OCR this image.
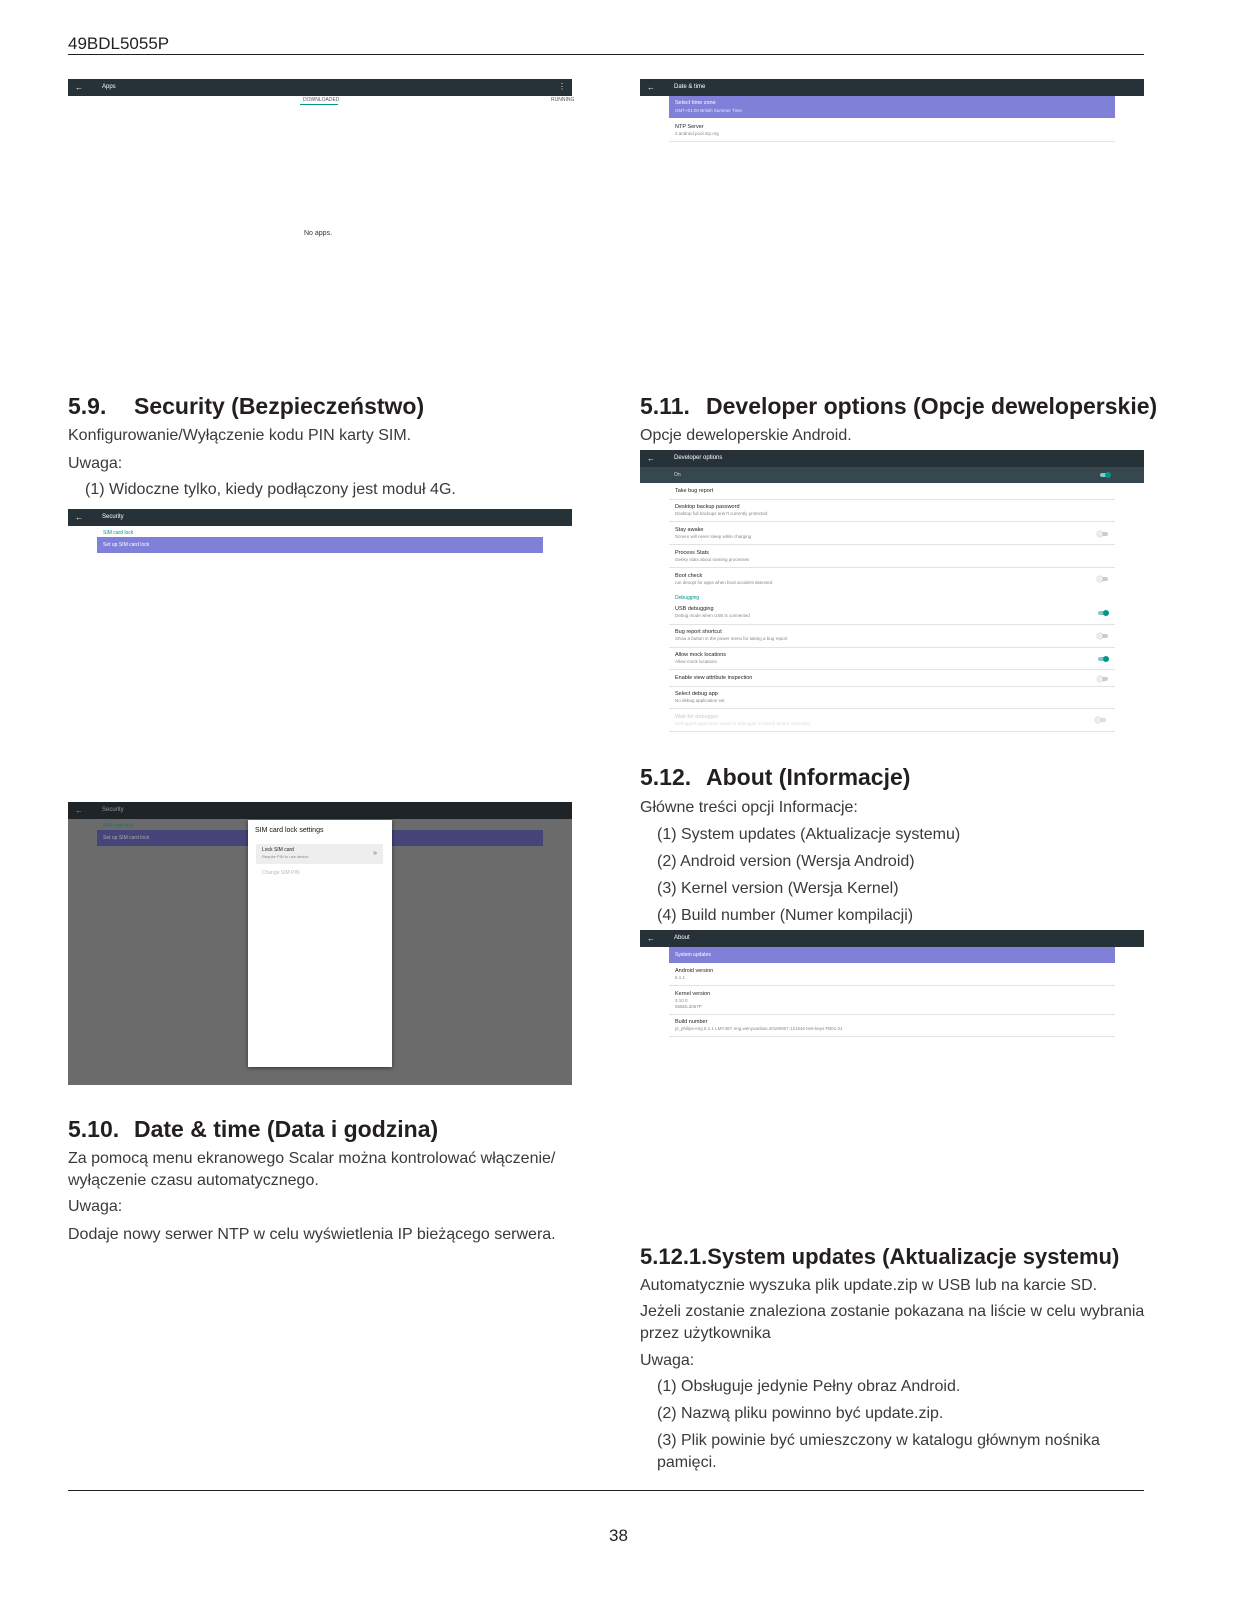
49BDL5055P
←	Apps	⋮
DOWNLOADED	RUNNING
No apps.
←	Date & time
Select time zone
GMT+01:00 British Summer Time
NTP Server
2.android.pool.ntp.org
5.9. Security (Bezpieczeństwo)
Konfigurowanie/Wyłączenie kodu PIN karty SIM.
Uwaga:
(1) Widoczne tylko, kiedy podłączony jest moduł 4G.
←	Security
SIM card lock
Set up SIM card lock
←	Security
SIM card lock
Set up SIM card lock
SIM card lock settings
Lock SIM card
Require PIN to use device	»
Change SIM PIN
5.10. Date & time (Data i godzina)
Za pomocą menu ekranowego Scalar można kontrolować włączenie/
wyłączenie czasu automatycznego.
Uwaga:
Dodaje nowy serwer NTP w celu wyświetlenia IP bieżącego serwera.
5.11. Developer options (Opcje deweloperskie)
Opcje deweloperskie Android.
←	Developer options
On
Take bug report
Desktop backup password
Desktop full backups aren't currently protected
Stay awake
Screen will never sleep while charging
Process Stats
Geeky stats about running processes
Boot check
run dexopt for apps when boot accident detected
Debugging
USB debugging
Debug mode when USB is connected
Bug report shortcut
Show a button in the power menu for taking a bug report
Allow mock locations
Allow mock locations
Enable view attribute inspection
Select debug app
No debug application set
Wait for debugger
Debugged application waits for debugger to attach before executing
5.12. About (Informacje)
Główne treści opcji Informacje:
(1) System updates (Aktualizacje systemu)
(2) Android version (Wersja Android)
(3) Kernel version (Wersja Kernel)
(4) Build number (Numer kompilacji)
←	About
System updates
Android version
5.1.1
Kernel version
3.10.0
55BDL3057P
Build number
pl_philips-eng 5.1.1 LMY48Y eng.wenyuanliao.20160907.121546 test-keys FB01.01
5.12.1.System updates (Aktualizacje systemu)
Automatycznie wyszuka plik update.zip w USB lub na karcie SD.
Jeżeli zostanie znaleziona zostanie pokazana na liście w celu wybrania
przez użytkownika
Uwaga:
(1) Obsługuje jedynie Pełny obraz Android.
(2) Nazwą pliku powinno być update.zip.
(3) Plik powinie być umieszczony w katalogu głównym nośnika
pamięci.
38
